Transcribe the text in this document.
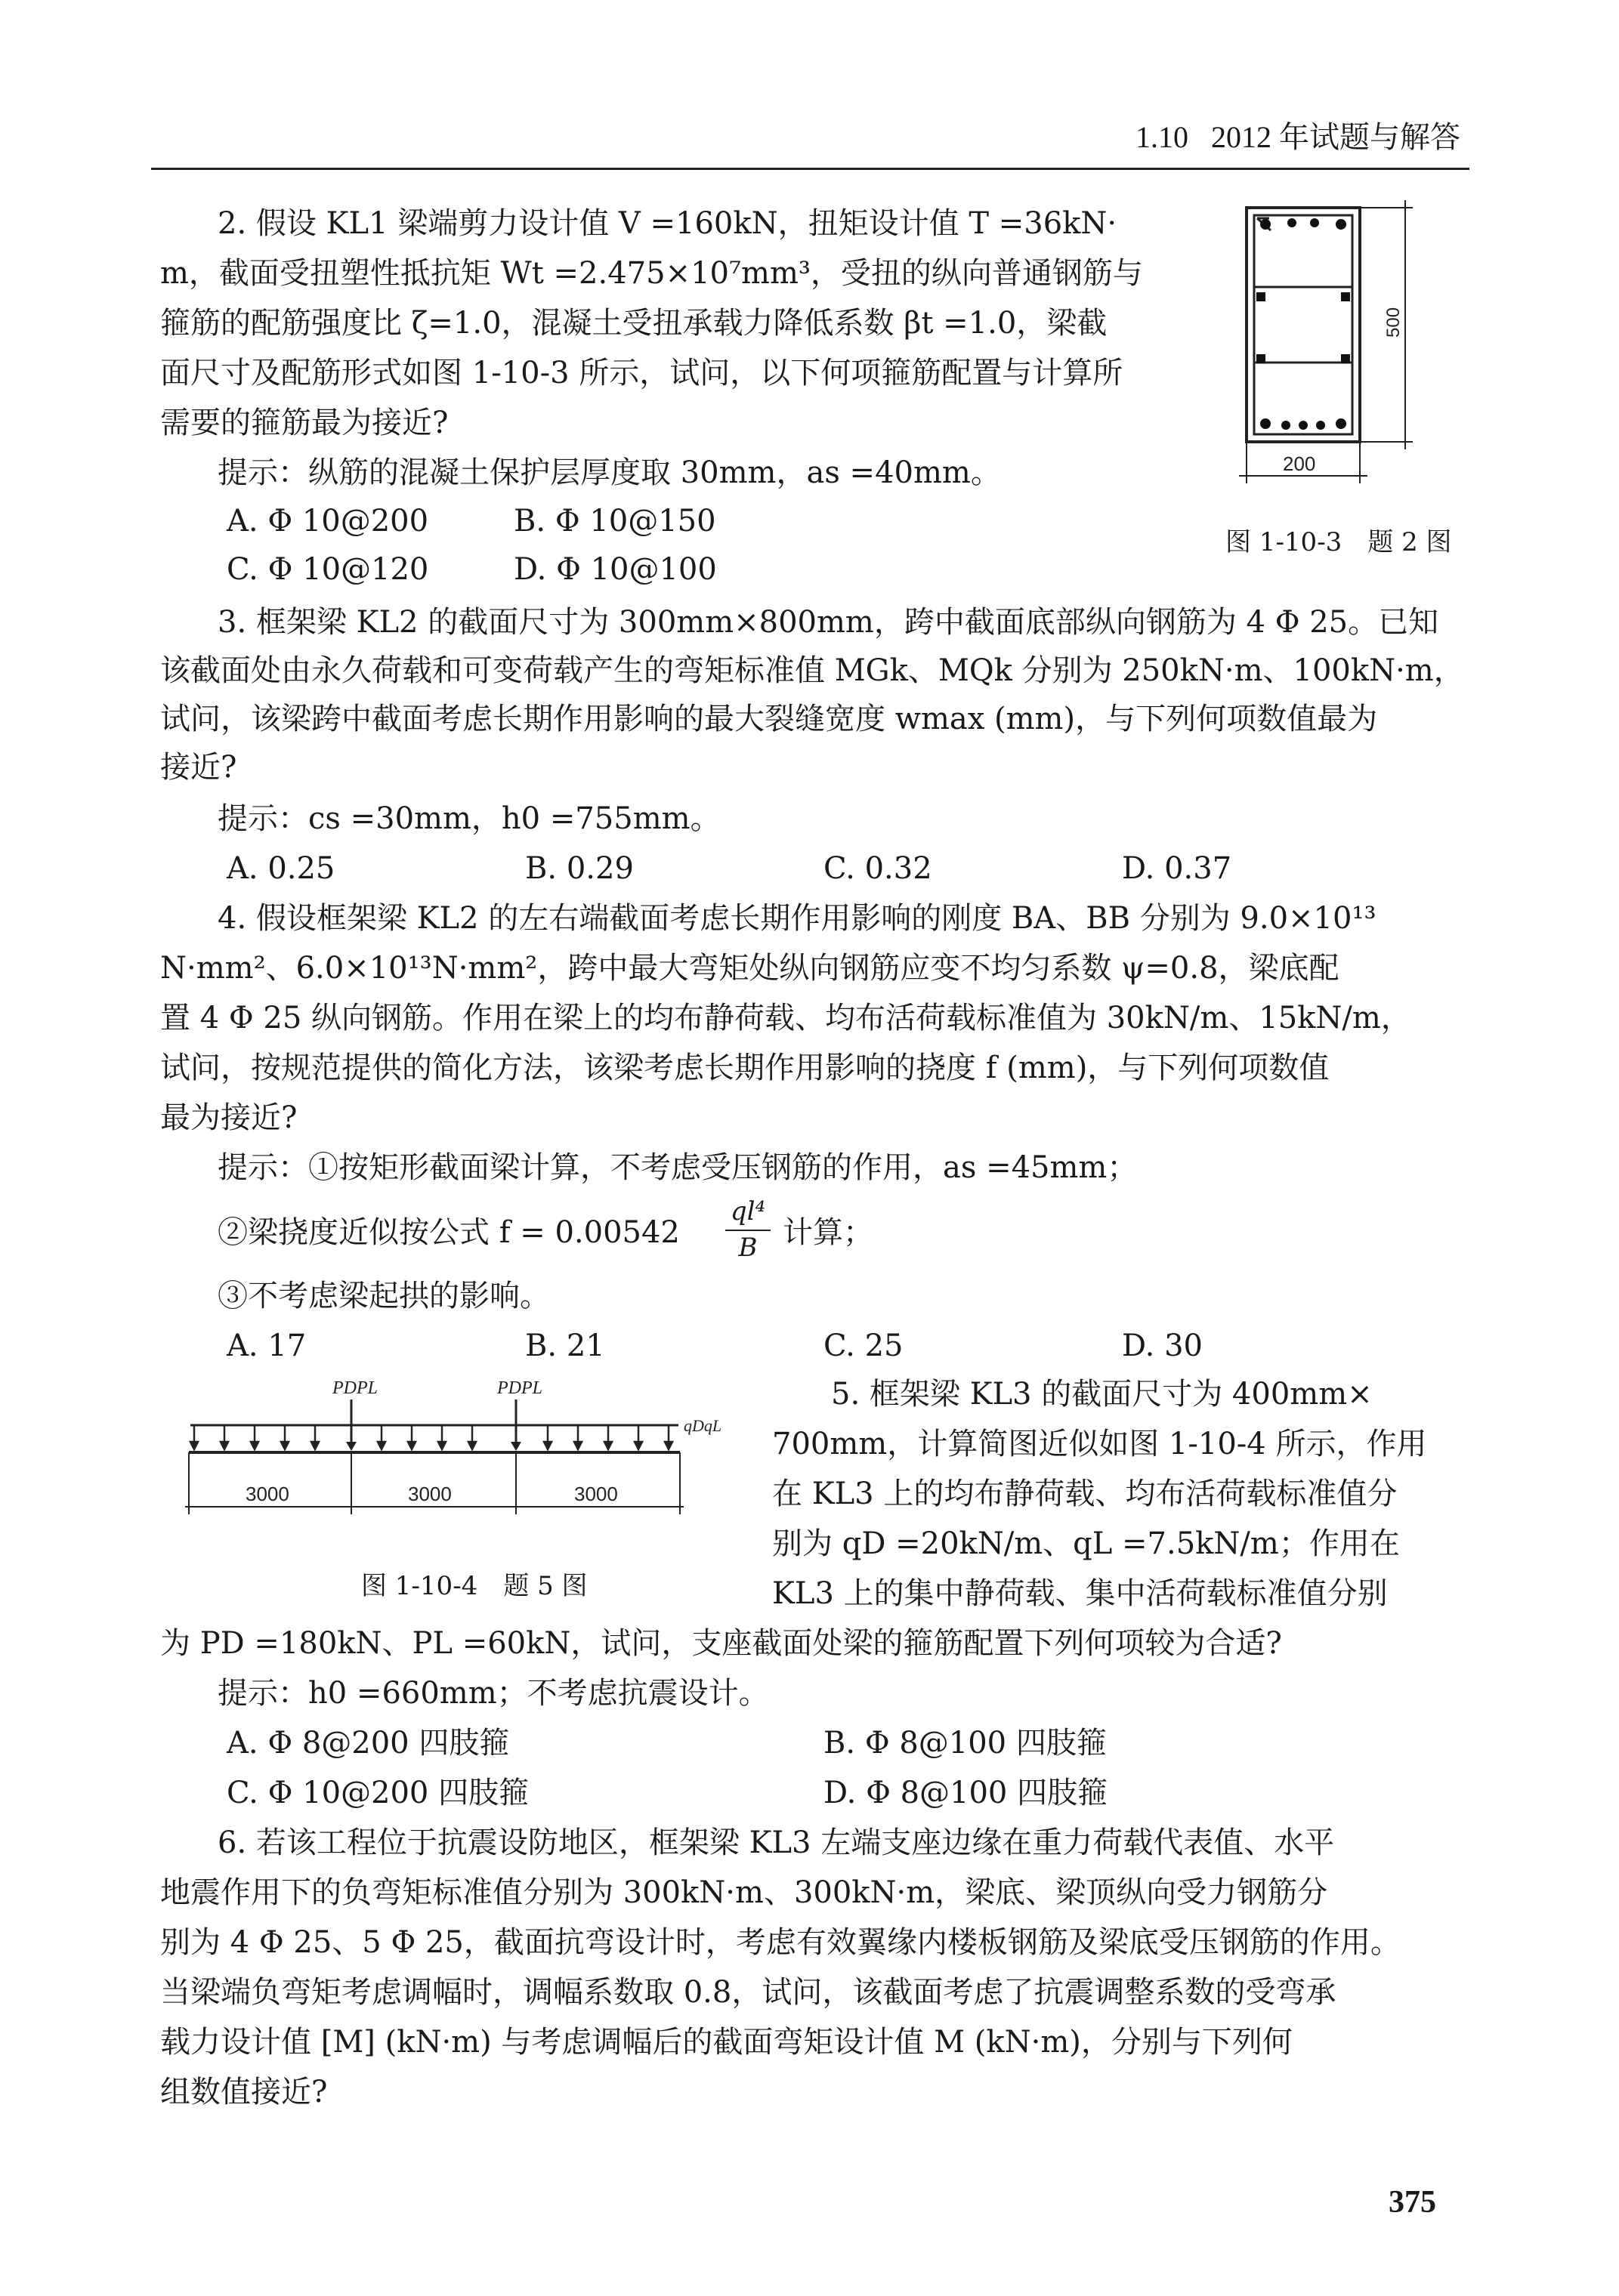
1.10 2012 年试题与解答
2. 假设 KL1 梁端剪力设计值 V =160kN，扭矩设计值 T =36kN·
m，截面受扭塑性抵抗矩 Wt =2.475×10⁷mm³，受扭的纵向普通钢筋与
箍筋的配筋强度比 ζ=1.0，混凝土受扭承载力降低系数 βt =1.0，梁截
面尺寸及配筋形式如图 1-10-3 所示，试问，以下何项箍筋配置与计算所
需要的箍筋最为接近?
提示：纵筋的混凝土保护层厚度取 30mm，as =40mm。
A. Φ 10@200	B. Φ 10@150
C. Φ 10@120	D. Φ 10@100
500
200
图 1-10-3　题 2 图
3. 框架梁 KL2 的截面尺寸为 300mm×800mm，跨中截面底部纵向钢筋为 4 Φ 25。已知
该截面处由永久荷载和可变荷载产生的弯矩标准值 MGk、MQk 分别为 250kN·m、100kN·m，
试问，该梁跨中截面考虑长期作用影响的最大裂缝宽度 wmax (mm)，与下列何项数值最为
接近?
提示：cs =30mm，h0 =755mm。
A. 0.25	B. 0.29	C. 0.32	D. 0.37
4. 假设框架梁 KL2 的左右端截面考虑长期作用影响的刚度 BA、BB 分别为 9.0×10¹³
N·mm²、6.0×10¹³N·mm²，跨中最大弯矩处纵向钢筋应变不均匀系数 ψ=0.8，梁底配
置 4 Φ 25 纵向钢筋。作用在梁上的均布静荷载、均布活荷载标准值为 30kN/m、15kN/m，
试问，按规范提供的简化方法，该梁考虑长期作用影响的挠度 f (mm)，与下列何项数值
最为接近?
提示：①按矩形截面梁计算，不考虑受压钢筋的作用，as =45mm；
②梁挠度近似按公式 f = 0.00542
ql⁴
B 计算；
③不考虑梁起拱的影响。
A. 17	B. 21	C. 25	D. 30
PDPL	PDPL
qDqL
3000	3000	3000
图 1-10-4　题 5 图
5. 框架梁 KL3 的截面尺寸为 400mm×
700mm，计算简图近似如图 1-10-4 所示，作用
在 KL3 上的均布静荷载、均布活荷载标准值分
别为 qD =20kN/m、qL =7.5kN/m；作用在
KL3 上的集中静荷载、集中活荷载标准值分别
为 PD =180kN、PL =60kN，试问，支座截面处梁的箍筋配置下列何项较为合适?
提示：h0 =660mm；不考虑抗震设计。
A. Φ 8@200 四肢箍	B. Φ 8@100 四肢箍
C. Φ 10@200 四肢箍	D. Φ 8@100 四肢箍
6. 若该工程位于抗震设防地区，框架梁 KL3 左端支座边缘在重力荷载代表值、水平
地震作用下的负弯矩标准值分别为 300kN·m、300kN·m，梁底、梁顶纵向受力钢筋分
别为 4 Φ 25、5 Φ 25，截面抗弯设计时，考虑有效翼缘内楼板钢筋及梁底受压钢筋的作用。
当梁端负弯矩考虑调幅时，调幅系数取 0.8，试问，该截面考虑了抗震调整系数的受弯承
载力设计值 [M] (kN·m) 与考虑调幅后的截面弯矩设计值 M (kN·m)，分别与下列何
组数值接近?
375
